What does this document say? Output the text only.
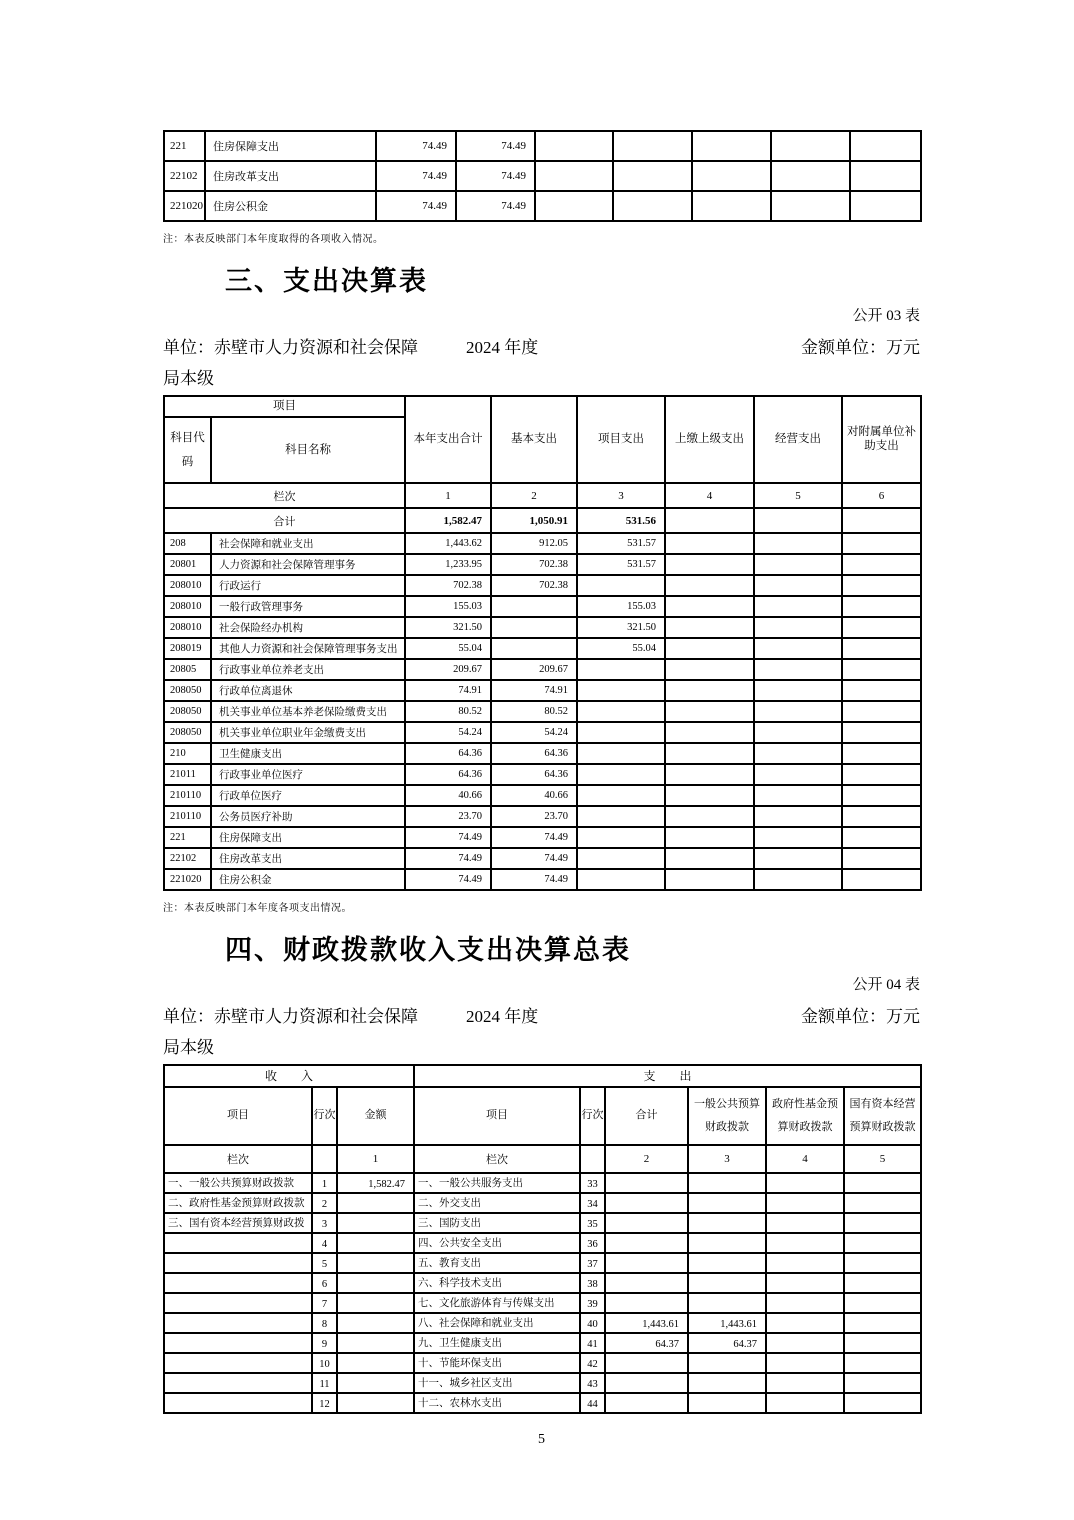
221	住房保障支出	74.49	74.49					
22102	住房改革支出	74.49	74.49					
221020	住房公积金	74.49	74.49					
注：本表反映部门本年度取得的各项收入情况。
三、支出决算表
公开 03 表
单位：赤壁市人力资源和社会保障	2024 年度	金额单位：万元
局本级
项目		本年支出合计	基本支出	项目支出	上缴上级支出	经营支出	对附属单位补助支出
科目代码	科目名称						
栏次		1	2	3	4	5	6
合计		1,582.47	1,050.91	531.56			
208	社会保障和就业支出	1,443.62	912.05	531.57			
20801	人力资源和社会保障管理事务	1,233.95	702.38	531.57			
208010	行政运行	702.38	702.38				
208010	一般行政管理事务	155.03		155.03			
208010	社会保险经办机构	321.50		321.50			
208019	其他人力资源和社会保障管理事务支出	55.04		55.04			
20805	行政事业单位养老支出	209.67	209.67				
208050	行政单位离退休	74.91	74.91				
208050	机关事业单位基本养老保险缴费支出	80.52	80.52				
208050	机关事业单位职业年金缴费支出	54.24	54.24				
210	卫生健康支出	64.36	64.36				
21011	行政事业单位医疗	64.36	64.36				
210110	行政单位医疗	40.66	40.66				
210110	公务员医疗补助	23.70	23.70				
221	住房保障支出	74.49	74.49				
22102	住房改革支出	74.49	74.49				
221020	住房公积金	74.49	74.49				
注：本表反映部门本年度各项支出情况。
四、财政拨款收入支出决算总表
公开 04 表
单位：赤壁市人力资源和社会保障	2024 年度	金额单位：万元
局本级
收　　入			支　　出					
项目	行次	金额	项目	行次	合计	一般公共预算财政拨款	政府性基金预算财政拨款	国有资本经营预算财政拨款
栏次		1	栏次		2	3	4	5
一、一般公共预算财政拨款	1	1,582.47	一、一般公共服务支出	33				
二、政府性基金预算财政拨款	2		二、外交支出	34				
三、国有资本经营预算财政拨	3		三、国防支出	35				
	4		四、公共安全支出	36				
	5		五、教育支出	37				
	6		六、科学技术支出	38				
	7		七、文化旅游体育与传媒支出	39				
	8		八、社会保障和就业支出	40	1,443.61	1,443.61		
	9		九、卫生健康支出	41	64.37	64.37		
	10		十、节能环保支出	42				
	11		十一、城乡社区支出	43				
	12		十二、农林水支出	44				
5
